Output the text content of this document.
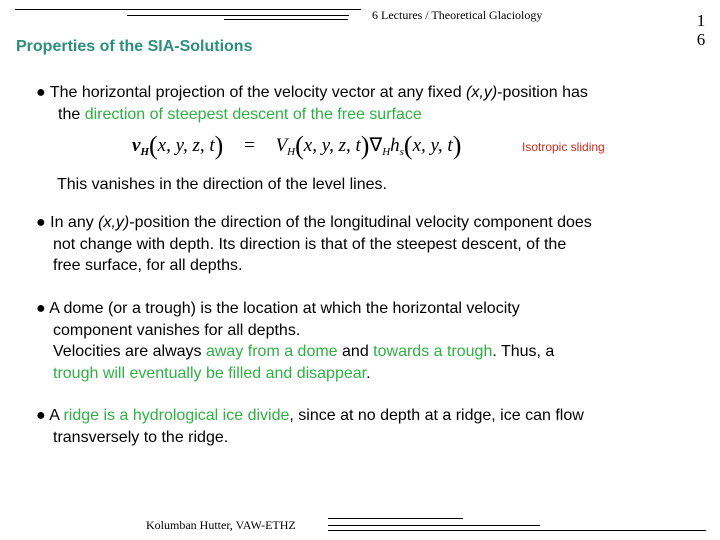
6 Lectures / Theoretical Glaciology	1
6
Properties of the SIA-Solutions
● The horizontal projection of the velocity vector at any fixed (x,y)-position has
the direction of steepest descent of the free surface
$v_H(x$, y, z, $t) = V_H(x$, y, z, $t)\nabla_Hh_s(x$, y, t)	Isotropic sliding
This vanishes in the direction of the level lines.
● In any (x,y)-position the direction of the longitudinal velocity component does
not change with depth. Its direction is that of the steepest descent, of the
free surface, for all depths.
● A dome (or a trough) is the location at which the horizontal velocity
component vanishes for all depths.
Velocities are always away from a dome and towards a trough. Thus, a
trough will eventually be filled and disappear.
● A ridge is a hydrological ice divide, since at no depth at a ridge, ice can flow
transversely to the ridge.
Kolumban Hutter, VAW-ETHZ
